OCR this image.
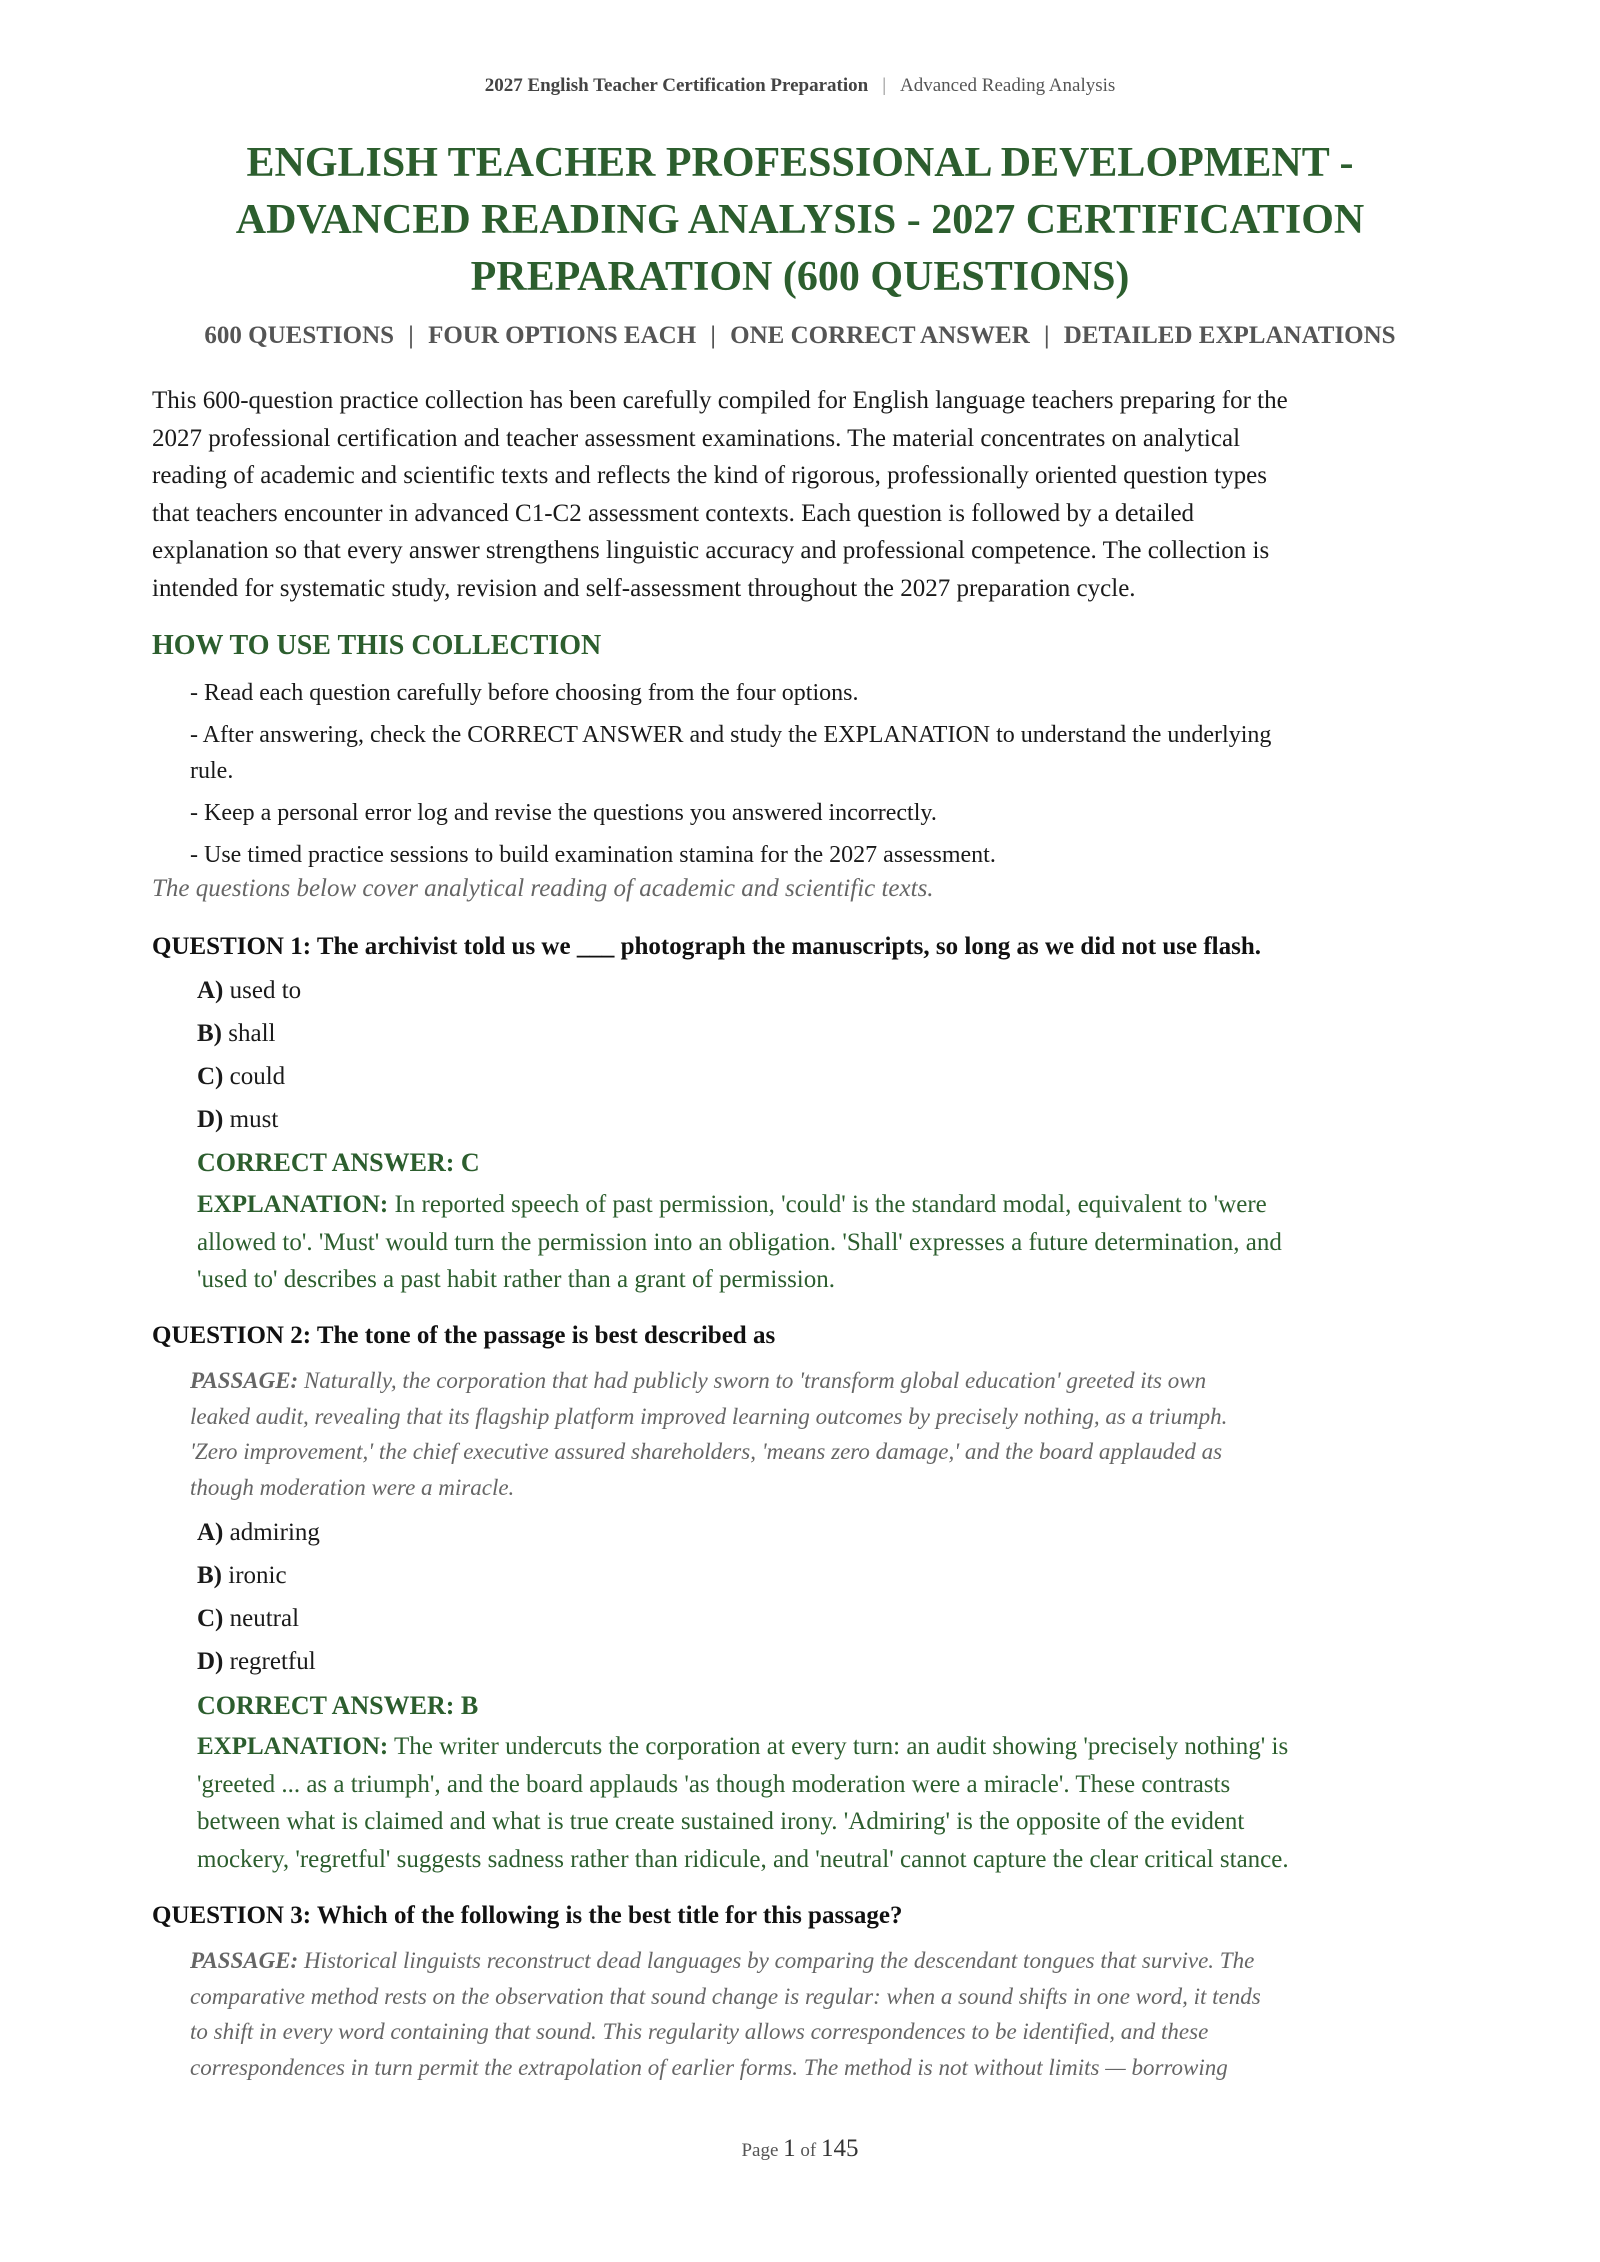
2027 English Teacher Certification Preparation | Advanced Reading Analysis
ENGLISH TEACHER PROFESSIONAL DEVELOPMENT -
ADVANCED READING ANALYSIS - 2027 CERTIFICATION
PREPARATION (600 QUESTIONS)
600 QUESTIONS | FOUR OPTIONS EACH | ONE CORRECT ANSWER | DETAILED EXPLANATIONS
This 600-question practice collection has been carefully compiled for English language teachers preparing for the
2027 professional certification and teacher assessment examinations. The material concentrates on analytical
reading of academic and scientific texts and reflects the kind of rigorous, professionally oriented question types
that teachers encounter in advanced C1-C2 assessment contexts. Each question is followed by a detailed
explanation so that every answer strengthens linguistic accuracy and professional competence. The collection is
intended for systematic study, revision and self-assessment throughout the 2027 preparation cycle.
HOW TO USE THIS COLLECTION
- Read each question carefully before choosing from the four options.
- After answering, check the CORRECT ANSWER and study the EXPLANATION to understand the underlying
rule.
- Keep a personal error log and revise the questions you answered incorrectly.
- Use timed practice sessions to build examination stamina for the 2027 assessment.
The questions below cover analytical reading of academic and scientific texts.
QUESTION 1: The archivist told us we ___ photograph the manuscripts, so long as we did not use flash.
A) used to
B) shall
C) could
D) must
CORRECT ANSWER: C
EXPLANATION: In reported speech of past permission, 'could' is the standard modal, equivalent to 'were
allowed to'. 'Must' would turn the permission into an obligation. 'Shall' expresses a future determination, and
'used to' describes a past habit rather than a grant of permission.
QUESTION 2: The tone of the passage is best described as
PASSAGE: Naturally, the corporation that had publicly sworn to 'transform global education' greeted its own
leaked audit, revealing that its flagship platform improved learning outcomes by precisely nothing, as a triumph.
'Zero improvement,' the chief executive assured shareholders, 'means zero damage,' and the board applauded as
though moderation were a miracle.
A) admiring
B) ironic
C) neutral
D) regretful
CORRECT ANSWER: B
EXPLANATION: The writer undercuts the corporation at every turn: an audit showing 'precisely nothing' is
'greeted ... as a triumph', and the board applauds 'as though moderation were a miracle'. These contrasts
between what is claimed and what is true create sustained irony. 'Admiring' is the opposite of the evident
mockery, 'regretful' suggests sadness rather than ridicule, and 'neutral' cannot capture the clear critical stance.
QUESTION 3: Which of the following is the best title for this passage?
PASSAGE: Historical linguists reconstruct dead languages by comparing the descendant tongues that survive. The
comparative method rests on the observation that sound change is regular: when a sound shifts in one word, it tends
to shift in every word containing that sound. This regularity allows correspondences to be identified, and these
correspondences in turn permit the extrapolation of earlier forms. The method is not without limits — borrowing
Page 1 of 145
